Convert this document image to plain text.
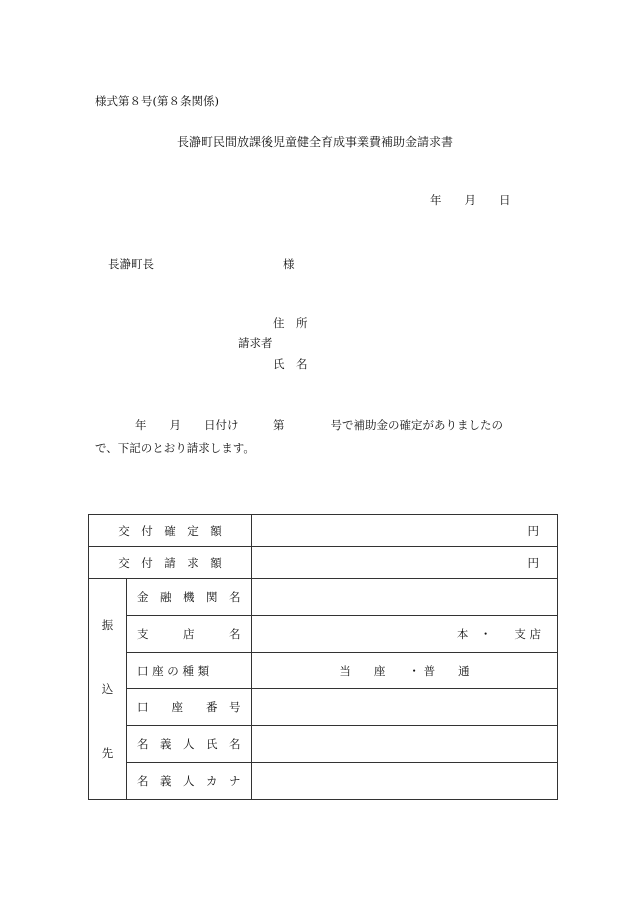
様式第８号(第８条関係)
長瀞町民間放課後児童健全育成事業費補助金請求書
年　　月　　日
長瀞町長	様
住　所
請求者
氏　名
年　　月　　日付け　　　第　　　　号で補助金の確定がありましたの
で、下記のとおり請求します。
交　付　確　定　額		円
交　付　請　求　額		円

振

込

先	金　融　機　関　名	
	支　　　店　　　名	本　・　　支 店
	口 座 の 種 類	当　　座　　・ 普　　通
	口　　座　　番　号	
	名　義　人　氏　名	
	名　義　人　カ　ナ	
